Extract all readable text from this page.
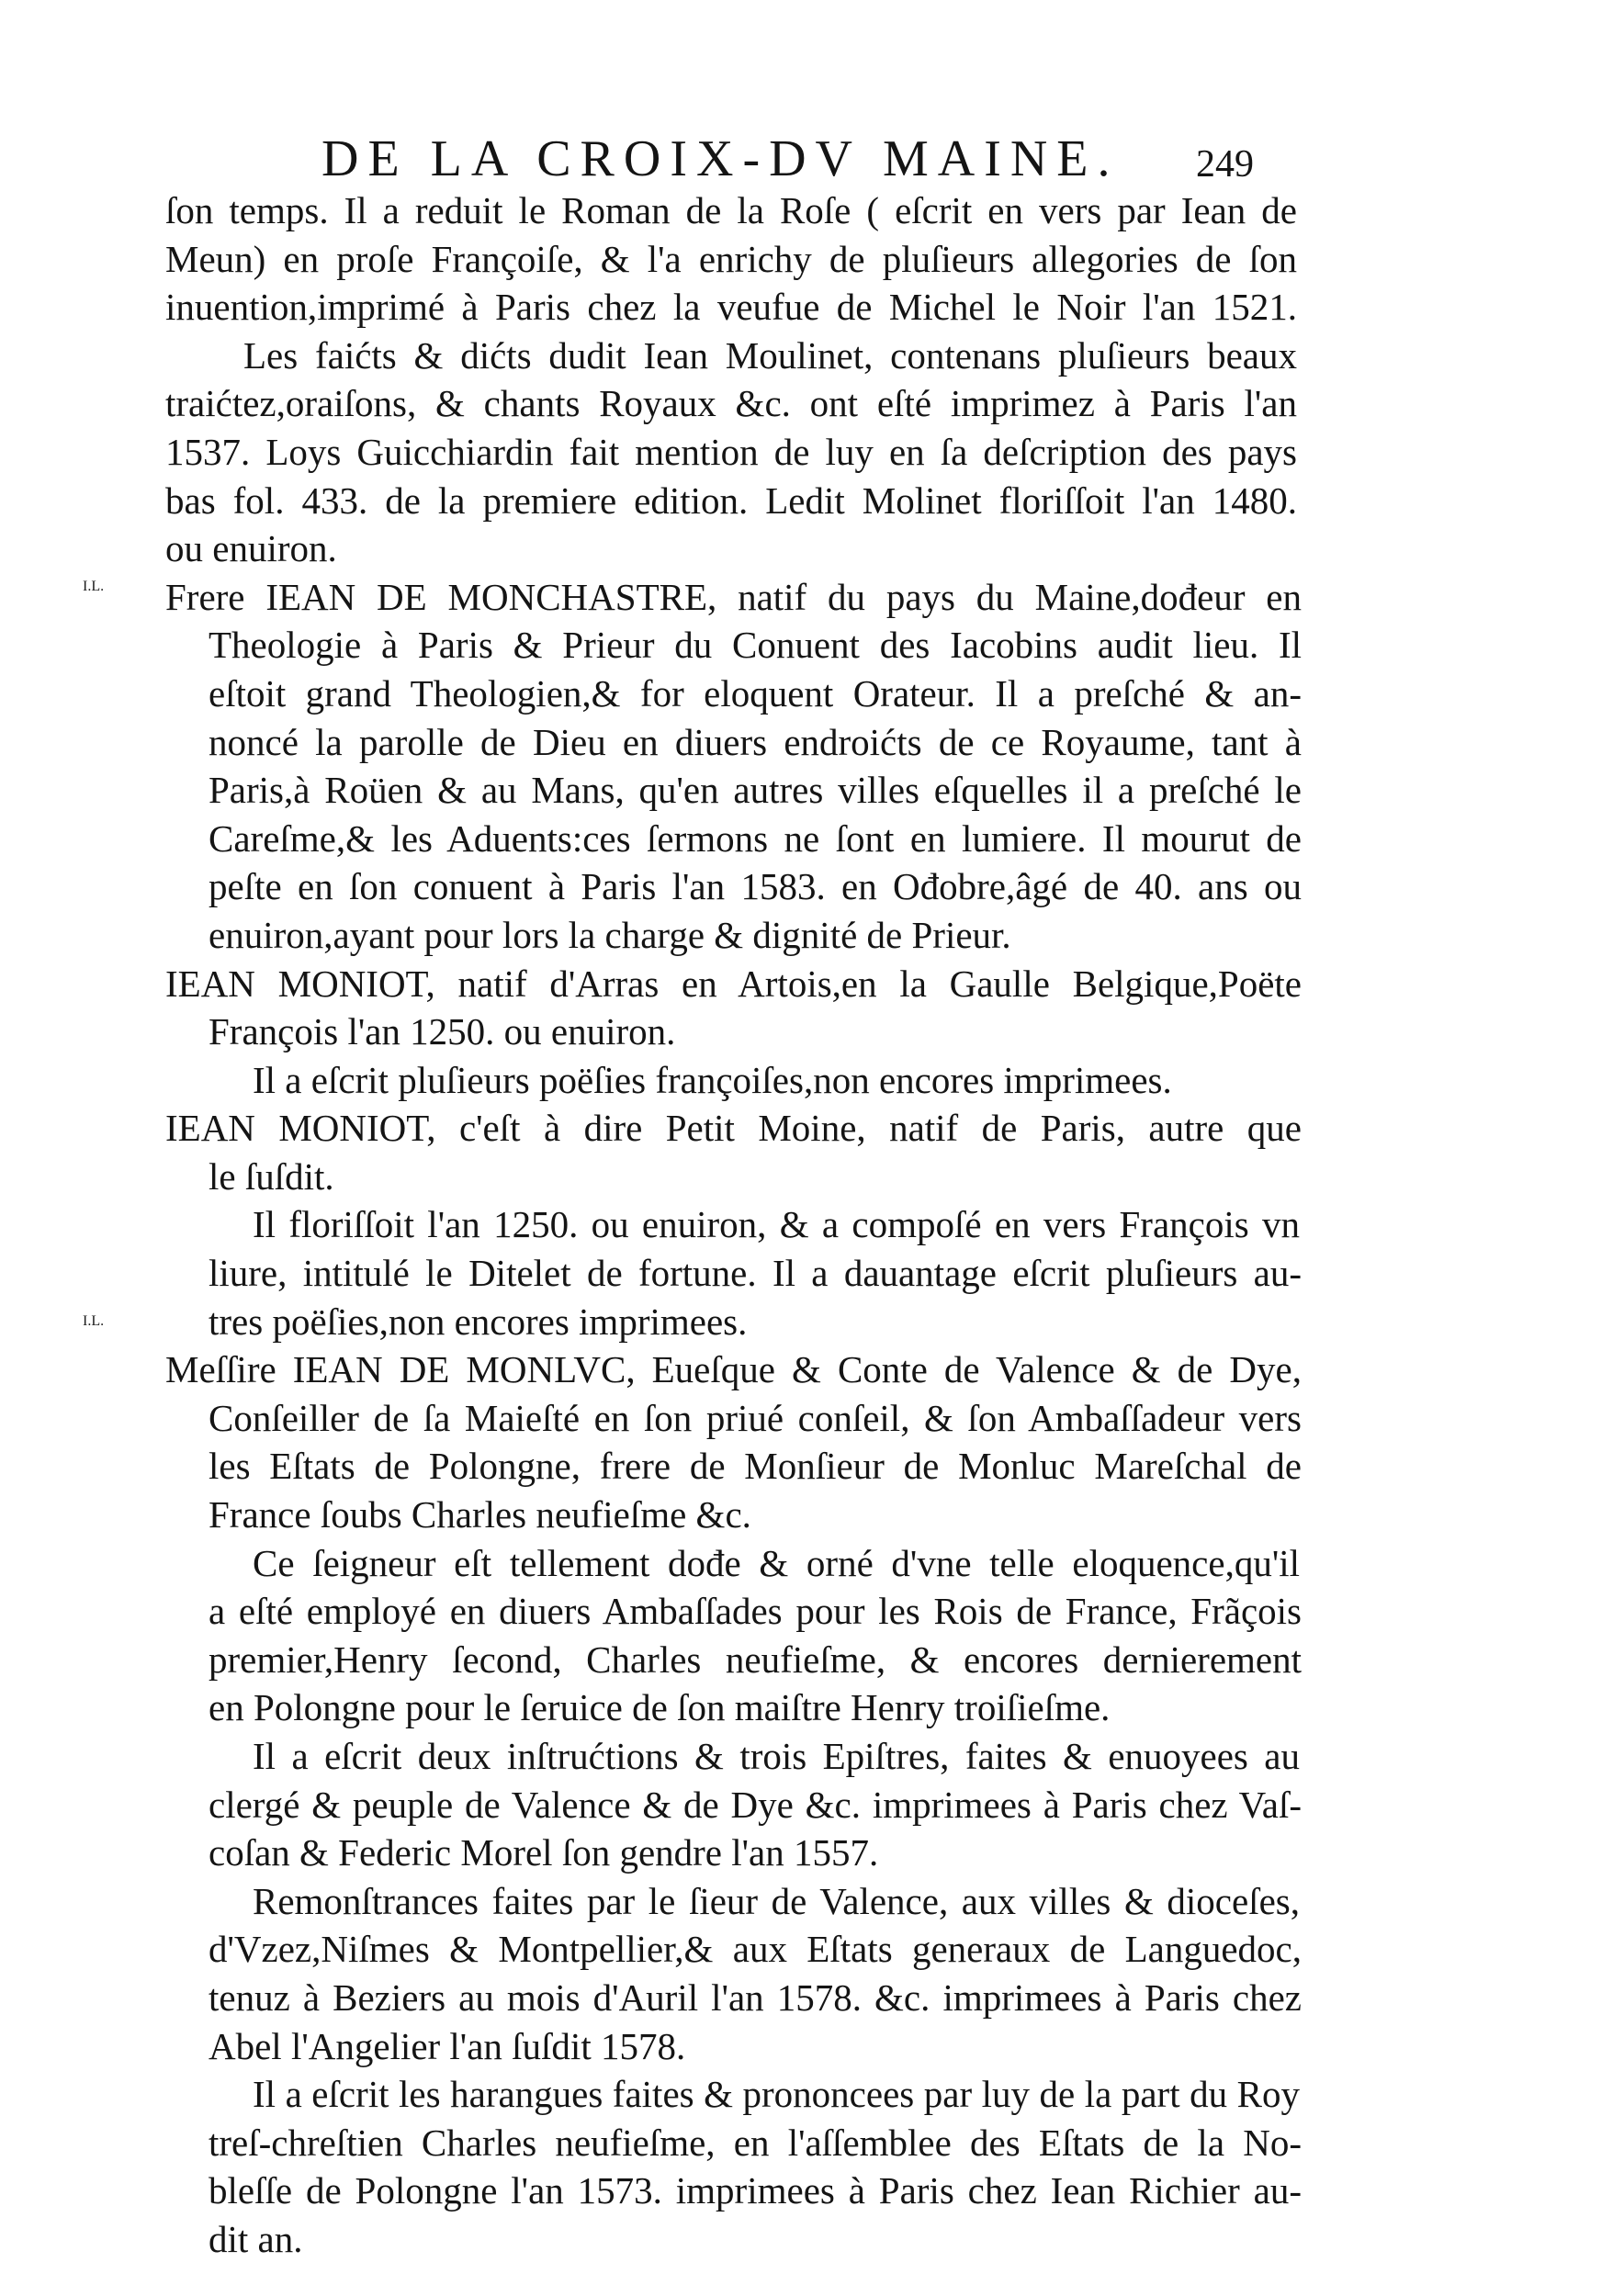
DE LA CROIX-DV MAINE. 249
I.L.
I.L.
ſon temps. Il a reduit le Roman de la Roſe ( eſcrit en vers par Iean de
Meun) en proſe Françoiſe, & l'a enrichy de pluſieurs allegories de ſon
inuention,imprimé à Paris chez la veufue de Michel le Noir l'an 1521.
Les faićts & dićts dudit Iean Moulinet, contenans pluſieurs beaux
traićtez,oraiſons, & chants Royaux &c. ont eſté imprimez à Paris l'an
1537. Loys Guicchiardin fait mention de luy en ſa deſcription des pays
bas fol. 433. de la premiere edition. Ledit Molinet floriſſoit l'an 1480.
ou enuiron.
Frere IEAN DE MONCHASTRE, natif du pays du Maine,dođeur en
Theologie à Paris & Prieur du Conuent des Iacobins audit lieu. Il
eſtoit grand Theologien,& for eloquent Orateur. Il a preſché & an-
noncé la parolle de Dieu en diuers endroićts de ce Royaume, tant à
Paris,à Roüen & au Mans, qu'en autres villes eſquelles il a preſché le
Careſme,& les Aduents:ces ſermons ne ſont en lumiere. Il mourut de
peſte en ſon conuent à Paris l'an 1583. en Ođobre,âgé de 40. ans ou
enuiron,ayant pour lors la charge & dignité de Prieur.
IEAN MONIOT, natif d'Arras en Artois,en la Gaulle Belgique,Poëte
François l'an 1250. ou enuiron.
Il a eſcrit pluſieurs poëſies françoiſes,non encores imprimees.
IEAN MONIOT, c'eſt à dire Petit Moine, natif de Paris, autre que
le ſuſdit.
Il floriſſoit l'an 1250. ou enuiron, & a compoſé en vers François vn
liure, intitulé le Ditelet de fortune. Il a dauantage eſcrit pluſieurs au-
tres poëſies,non encores imprimees.
Meſſire IEAN DE MONLVC, Eueſque & Conte de Valence & de Dye,
Conſeiller de ſa Maieſté en ſon priué conſeil, & ſon Ambaſſadeur vers
les Eſtats de Polongne, frere de Monſieur de Monluc Mareſchal de
France ſoubs Charles neufieſme &c.
Ce ſeigneur eſt tellement dođe & orné d'vne telle eloquence,qu'il
a eſté employé en diuers Ambaſſades pour les Rois de France, Frãçois
premier,Henry ſecond, Charles neufieſme, & encores dernierement
en Polongne pour le ſeruice de ſon maiſtre Henry troiſieſme.
Il a eſcrit deux inſtrućtions & trois Epiſtres, faites & enuoyees au
clergé & peuple de Valence & de Dye &c. imprimees à Paris chez Vaſ-
coſan & Federic Morel ſon gendre l'an 1557.
Remonſtrances faites par le ſieur de Valence, aux villes & dioceſes,
d'Vzez,Niſmes & Montpellier,& aux Eſtats generaux de Languedoc,
tenuz à Beziers au mois d'Auril l'an 1578. &c. imprimees à Paris chez
Abel l'Angelier l'an ſuſdit 1578.
Il a eſcrit les harangues faites & prononcees par luy de la part du Roy
treſ-chreſtien Charles neufieſme, en l'aſſemblee des Eſtats de la No-
bleſſe de Polongne l'an 1573. imprimees à Paris chez Iean Richier au-
dit an.
